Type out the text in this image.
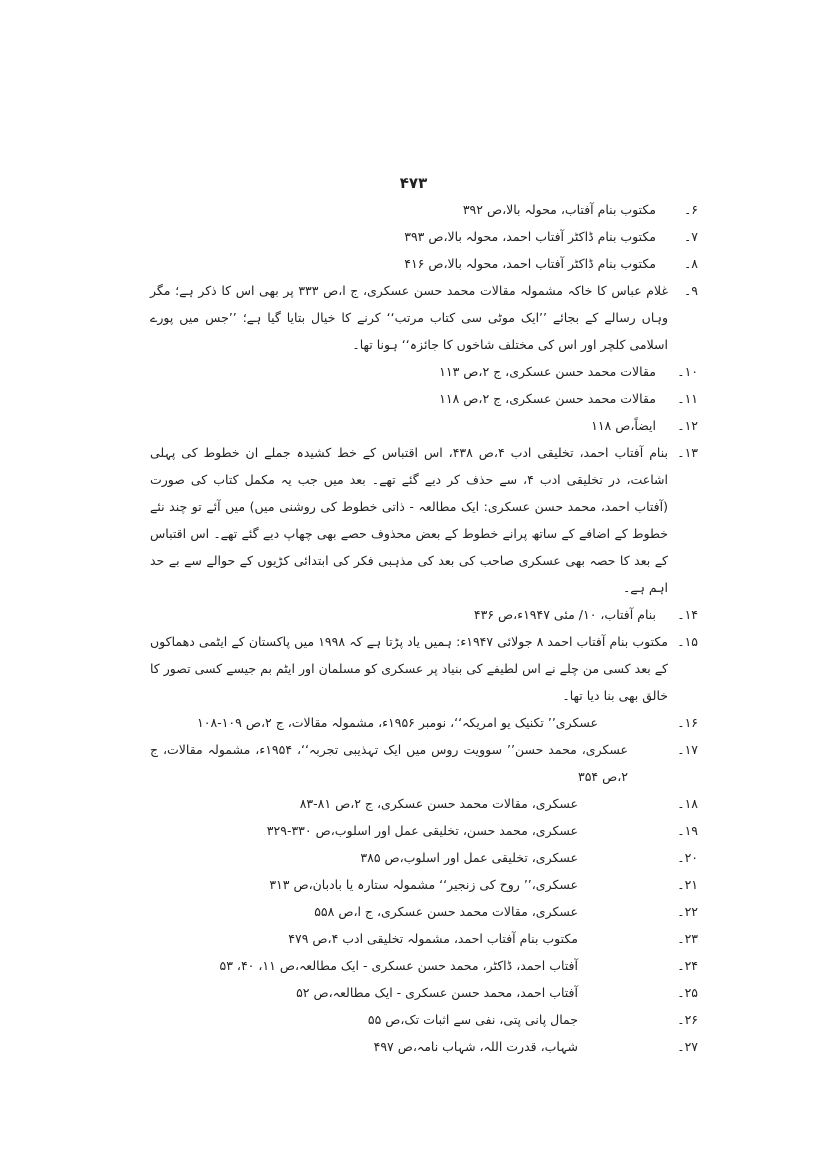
۴۷۳
۶۔
مکتوب بنام آفتاب، محولہ بالا،ص ۳۹۲
۷۔
مکتوب بنام ڈاکٹر آفتاب احمد، محولہ بالا،ص ۳۹۳
۸۔
مکتوب بنام ڈاکٹر آفتاب احمد، محولہ بالا،ص ۴۱۶
۹۔
غلام عباس کا خاکہ مشمولہ مقالات محمد حسن عسکری، ج ا،ص ۳۳۳ پر بھی اس کا ذکر ہے؛ مگر وہاں رسالے کے بجائے ’’ایک موٹی سی کتاب مرتب‘‘ کرنے کا خیال بتایا گیا ہے؛ ’’جس میں پورے اسلامی کلچر اور اس کی مختلف شاخوں کا جائزہ‘‘ ہونا تھا۔
۱۰۔
مقالات محمد حسن عسکری، ج ۲،ص ۱۱۳
۱۱۔
مقالات محمد حسن عسکری، ج ۲،ص ۱۱۸
۱۲۔
ایضاً،ص ۱۱۸
۱۳۔
بنام آفتاب احمد، تخلیقی ادب ۴،ص ۴۳۸، اس اقتباس کے خط کشیدہ جملے ان خطوط کی پہلی اشاعت، در تخلیقی ادب ۴، سے حذف کر دیے گئے تھے۔ بعد میں جب یہ مکمل کتاب کی صورت (آفتاب احمد، محمد حسن عسکری: ایک مطالعہ - ذاتی خطوط کی روشنی میں) میں آئے تو چند نئے خطوط کے اضافے کے ساتھ پرانے خطوط کے بعض محذوف حصے بھی چھاپ دیے گئے تھے۔ اس اقتباس کے بعد کا حصہ بھی عسکری صاحب کی بعد کی مذہبی فکر کی ابتدائی کڑیوں کے حوالے سے بے حد اہم ہے۔
۱۴۔
بنام آفتاب، ۱۰/ مئی ۱۹۴۷ء،ص ۴۳۶
۱۵۔
مکتوب بنام آفتاب احمد ۸ جولائی ۱۹۴۷ء: ہمیں یاد پڑتا ہے کہ ۱۹۹۸ میں پاکستان کے ایٹمی دھماکوں کے بعد کسی من چلے نے اس لطیفے کی بنیاد پر عسکری کو مسلمان اور ایٹم بم جیسے کسی تصور کا خالق بھی بنا دیا تھا۔
۱۶۔
عسکری’’ تکنیک یو امریکہ‘‘، نومبر ۱۹۵۶ء، مشمولہ مقالات، ج ۲،ص ۱۰۹-۱۰۸
۱۷۔
عسکری، محمد حسن’’ سوویت روس میں ایک تہذیبی تجربہ‘‘، ۱۹۵۴ء، مشمولہ مقالات، ج ۲،ص ۳۵۴
۱۸۔
عسکری، مقالات محمد حسن عسکری، ج ۲،ص ۸۱-۸۳
۱۹۔
عسکری، محمد حسن، تخلیقی عمل اور اسلوب،ص ۳۳۰-۳۲۹
۲۰۔
عسکری، تخلیقی عمل اور اسلوب،ص ۳۸۵
۲۱۔
عسکری،’’ روح کی زنجیر‘‘ مشمولہ ستارہ یا بادبان،ص ۳۱۳
۲۲۔
عسکری، مقالات محمد حسن عسکری، ج ا،ص ۵۵۸
۲۳۔
مکتوب بنام آفتاب احمد، مشمولہ تخلیقی ادب ۴،ص ۴۷۹
۲۴۔
آفتاب احمد، ڈاکٹر، محمد حسن عسکری - ایک مطالعہ،ص ۱۱، ۴۰، ۵۳
۲۵۔
آفتاب احمد، محمد حسن عسکری - ایک مطالعہ،ص ۵۲
۲۶۔
جمال پانی پتی، نفی سے اثبات تک،ص ۵۵
۲۷۔
شہاب، قدرت اللہ، شہاب نامہ،ص ۴۹۷
